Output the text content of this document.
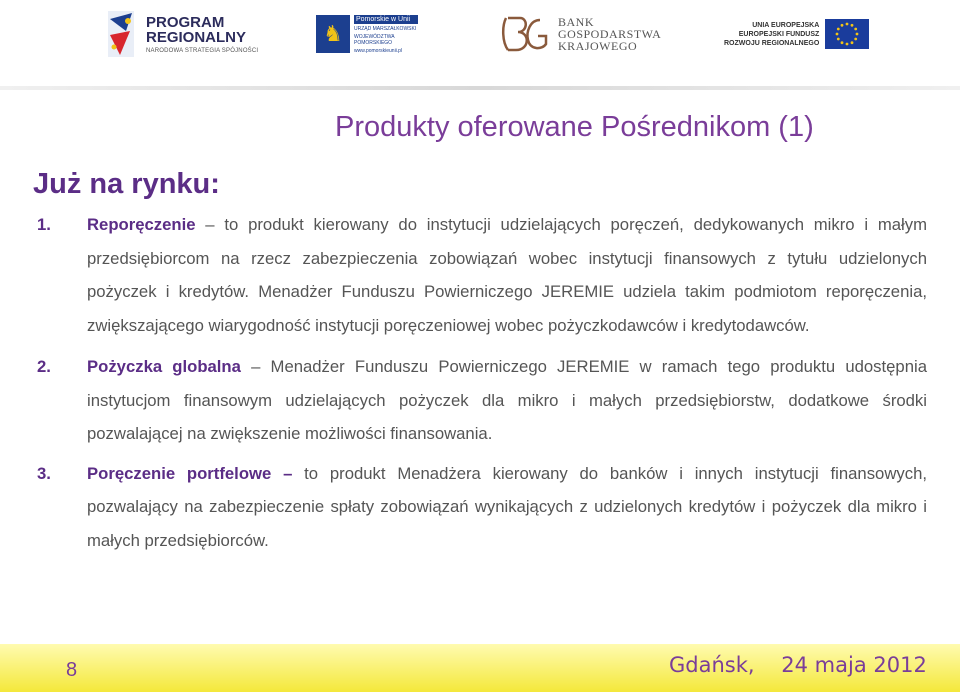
PROGRAM
REGIONALNY
NARODOWA STRATEGIA SPÓJNOŚCI
♞
Pomorskie w Unii
URZĄD MARSZAŁKOWSKI
WOJEWÓDZTWA POMORSKIEGO
www.pomorskieunii.pl
BANK
GOSPODARSTWA
KRAJOWEGO
UNIA EUROPEJSKA
EUROPEJSKI FUNDUSZ
ROZWOJU REGIONALNEGO
Produkty oferowane Pośrednikom (1)
Już na rynku:
1. Reporęczenie – to produkt kierowany do instytucji udzielających poręczeń, dedykowanych mikro i małym przedsiębiorcom na rzecz zabezpieczenia zobowiązań wobec instytucji finansowych z tytułu udzielonych pożyczek i kredytów. Menadżer Funduszu Powierniczego JEREMIE udziela takim podmiotom reporęczenia, zwiększającego wiarygodność instytucji poręczeniowej wobec pożyczkodawców i kredytodawców.
2. Pożyczka globalna – Menadżer Funduszu Powierniczego JEREMIE w ramach tego produktu udostępnia instytucjom finansowym udzielających pożyczek dla mikro i małych przedsiębiorstw, dodatkowe środki pozwalającej na zwiększenie możliwości finansowania.
3. Poręczenie portfelowe – to produkt Menadżera kierowany do banków i innych instytucji finansowych, pozwalający na zabezpieczenie spłaty zobowiązań wynikających z udzielonych kredytów i pożyczek dla mikro i małych przedsiębiorców.
8	Gdańsk,    24 maja 2012
